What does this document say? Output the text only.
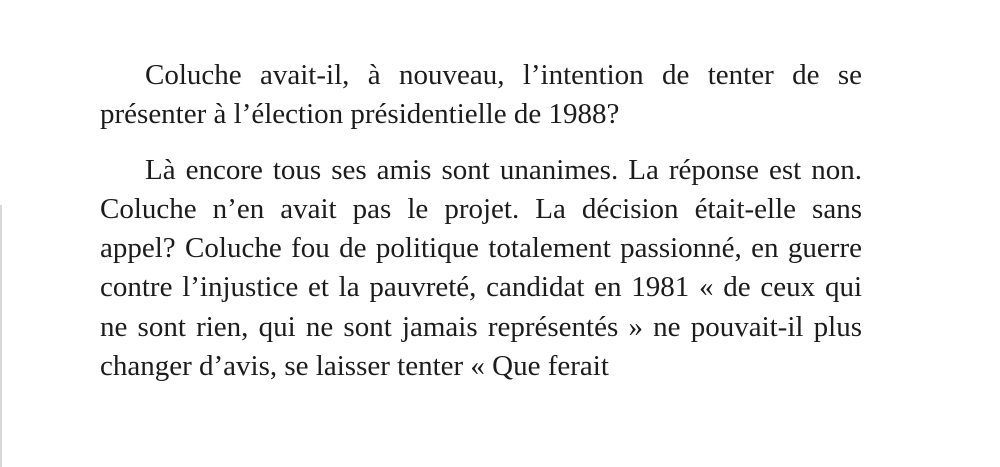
Coluche avait-il, à nouveau, l’intention de tenter de se présenter à l’élection présidentielle de 1988?

Là encore tous ses amis sont unanimes. La réponse est non. Coluche n’en avait pas le projet. La décision était-elle sans appel? Coluche fou de politique totalement passionné, en guerre contre l’injustice et la pauvreté, candidat en 1981 « de ceux qui ne sont rien, qui ne sont jamais représentés » ne pouvait-il plus changer d’avis, se laisser tenter « Que ferait
